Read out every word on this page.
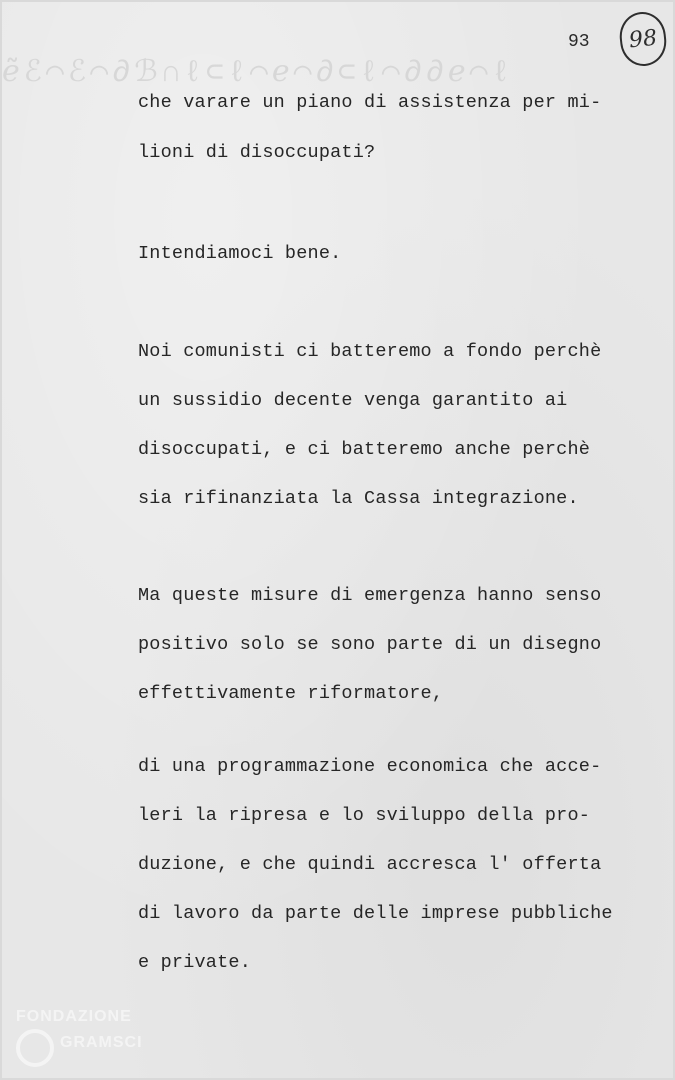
ℯ̃ℰ⌒ℰ⌒∂ℬ∩ℓ⊂ℓ⌒ℯ⌒∂⊂ℓ⌒∂∂ℯ⌒ℓ
93	98
che varare un piano di assistenza per mi-
lioni di disoccupati?
Intendiamoci bene.
Noi comunisti ci batteremo a fondo perchè
un sussidio decente venga garantito ai
disoccupati, e ci batteremo anche perchè
sia rifinanziata la Cassa integrazione.
Ma queste misure di emergenza hanno senso
positivo solo se sono parte di un disegno
effettivamente riformatore,
di una programmazione economica che acce-
leri la ripresa e lo sviluppo della pro-
duzione, e che quindi accresca l' offerta
di lavoro da parte delle imprese pubbliche
e private.
FONDAZIONE
GRAMSCI
